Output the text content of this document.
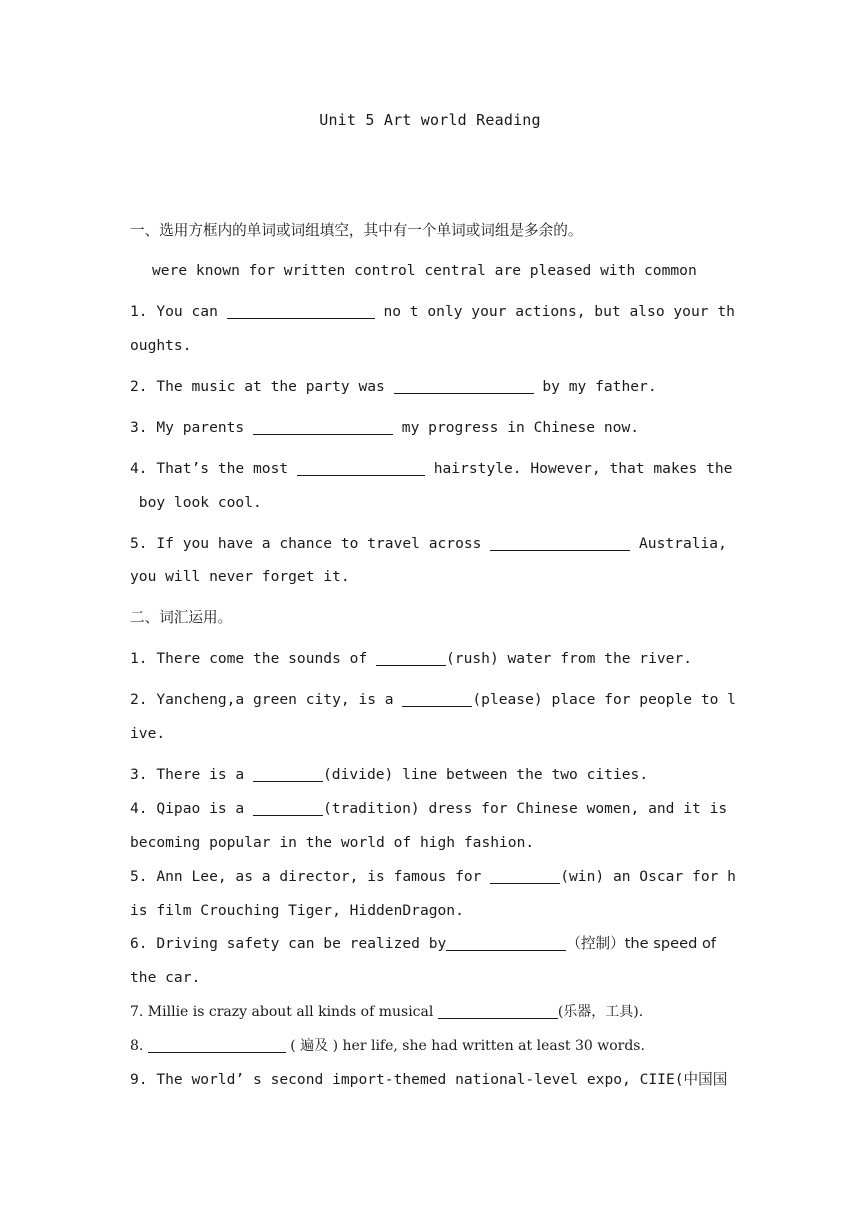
Unit 5 Art world Reading
一、选用方框内的单词或词组填空，其中有一个单词或词组是多余的。
were known for written control central are pleased with common
1. You can	no t only your actions, but also your th
oughts.
2. The music at the party was	by my father.
3. My parents	my progress in Chinese now.
4. That’s the most	hairstyle. However, that makes the
boy look cool.
5. If you have a chance to travel across	Australia,
you will never forget it.
二、词汇运用。
1. There come the sounds of	(rush) water from the river.
2. Yancheng,a green city, is a	(please) place for people to l
ive.
3. There is a	(divide) line between the two cities.
4. Qipao is a	(tradition) dress for Chinese women, and it is
becoming popular in the world of high fashion.
5. Ann Lee, as a director, is famous for	(win) an Oscar for h
is film Crouching Tiger, HiddenDragon.
6. Driving safety can be realized by	（控制）the speed of
the car.
7. Millie is crazy about all kinds of musical	(乐器，工具).
8.	( 遍及 ) her life, she had written at least 30 words.
9. The world’ s second import-themed national-level expo, CIIE(中国国
